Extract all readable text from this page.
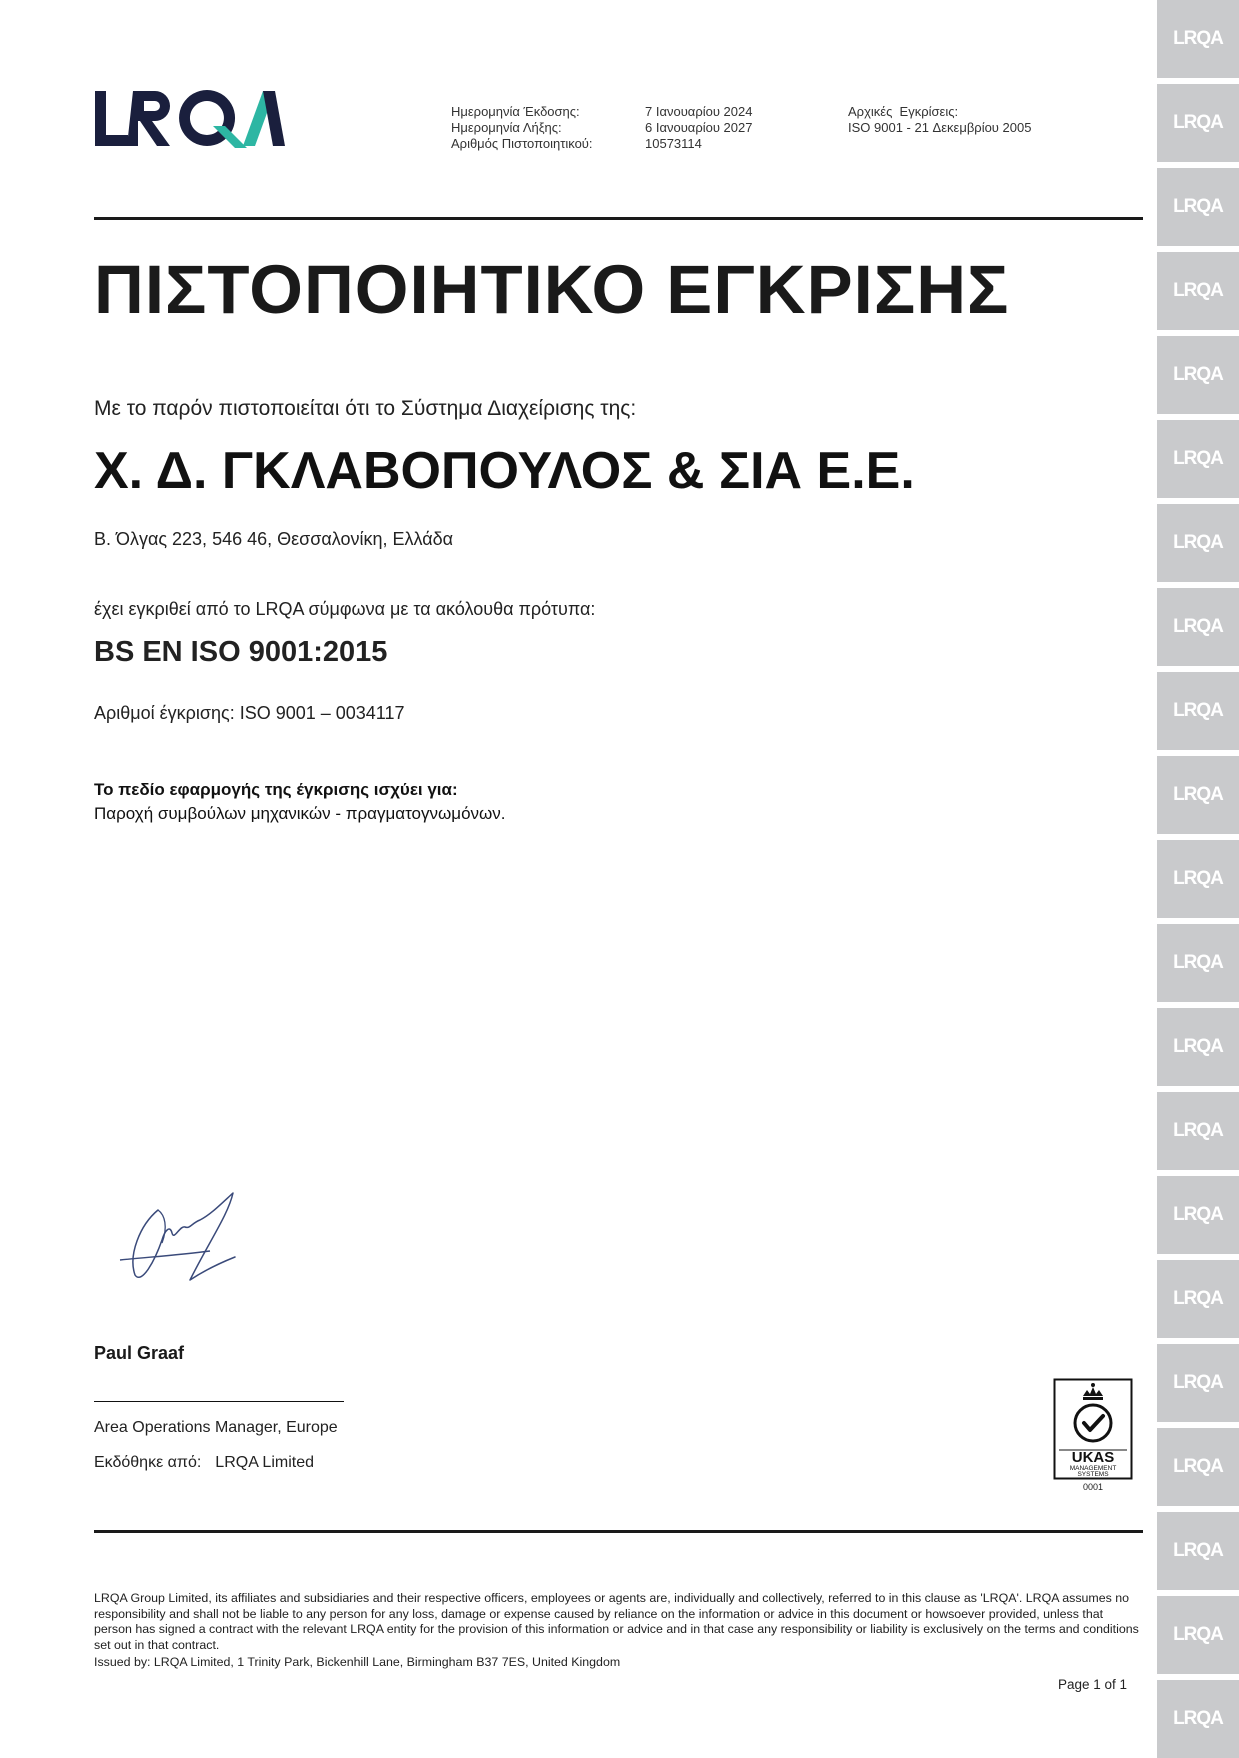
LRQA
LRQA
LRQA
LRQA
LRQA
LRQA
LRQA
LRQA
LRQA
LRQA
LRQA
LRQA
LRQA
LRQA
LRQA
LRQA
LRQA
LRQA
LRQA
LRQA
LRQA
Ημερομηνία Έκδοσης:
Ημερομηνία Λήξης:
Αριθμός Πιστοποιητικού:
7 Ιανουαρίου 2024
6 Ιανουαρίου 2027
10573114
Αρχικές  Εγκρίσεις:
ISO 9001 - 21 Δεκεμβρίου 2005
ΠΙΣΤΟΠΟΙΗΤΙΚΟ ΕΓΚΡΙΣΗΣ
Με το παρόν πιστοποιείται ότι το Σύστημα Διαχείρισης της:
Χ. Δ. ΓΚΛΑΒΟΠΟΥΛΟΣ & ΣΙΑ Ε.Ε.
Β. Όλγας 223, 546 46, Θεσσαλονίκη, Ελλάδα
έχει εγκριθεί από το LRQA σύμφωνα με τα ακόλουθα πρότυπα:
BS EN ISO 9001:2015
Αριθμοί έγκρισης: ISO 9001 – 0034117
Το πεδίο εφαρμογής της έγκρισης ισχύει για:
Παροχή συμβούλων μηχανικών - πραγματογνωμόνων.
Paul Graaf
Area Operations Manager, Europe
Εκδόθηκε από: LRQA Limited	UKAS
MANAGEMENT
SYSTEMS
0001
LRQA Group Limited, its affiliates and subsidiaries and their respective officers, employees or agents are, individually and collectively, referred to in this clause as 'LRQA'. LRQA assumes no responsibility and shall not be liable to any person for any loss, damage or expense caused by reliance on the information or advice in this document or howsoever provided, unless that person has signed a contract with the relevant LRQA entity for the provision of this information or advice and in that case any responsibility or liability is exclusively on the terms and conditions set out in that contract.
Issued by: LRQA Limited, 1 Trinity Park, Bickenhill Lane, Birmingham B37 7ES, United Kingdom
Page 1 of 1
